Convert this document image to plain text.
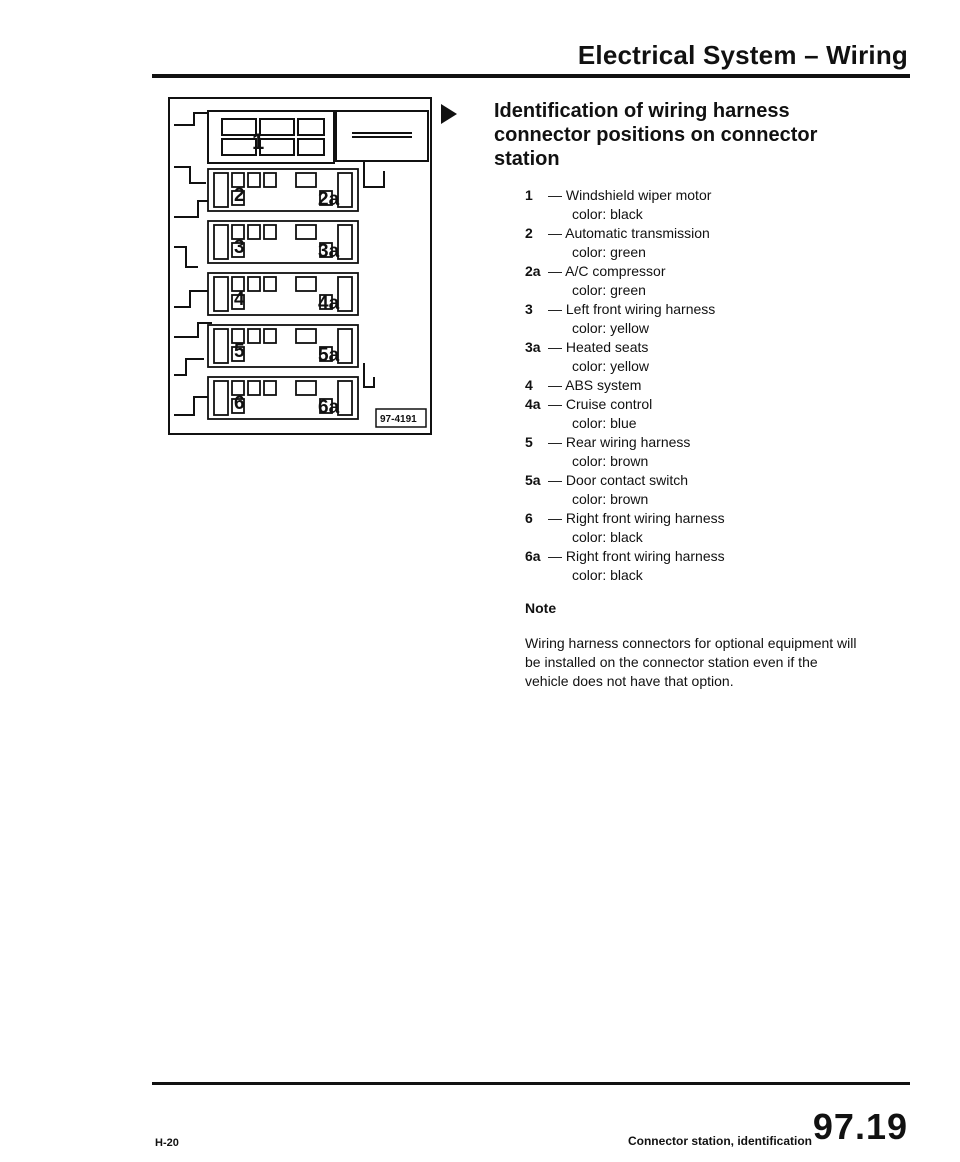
Electrical System – Wiring
1
2	2a
3	3a
4	4a
5	5a
6	6a
97-4191
Identification of wiring harness connector positions on connector station
1	— Windshield wiper motor
color: black
2	— Automatic transmission
color: green
2a — A/C compressor
color: green
3	— Left front wiring harness
color: yellow
3a — Heated seats
color: yellow
4	— ABS system
4a — Cruise control
color: blue
5	— Rear wiring harness
color: brown
5a — Door contact switch
color: brown
6	— Right front wiring harness
color: black
6a — Right front wiring harness
color: black
Note
Wiring harness connectors for optional equipment will be installed on the connector station even if the vehicle does not have that option.
H-20	Connector station, identification 97.19
